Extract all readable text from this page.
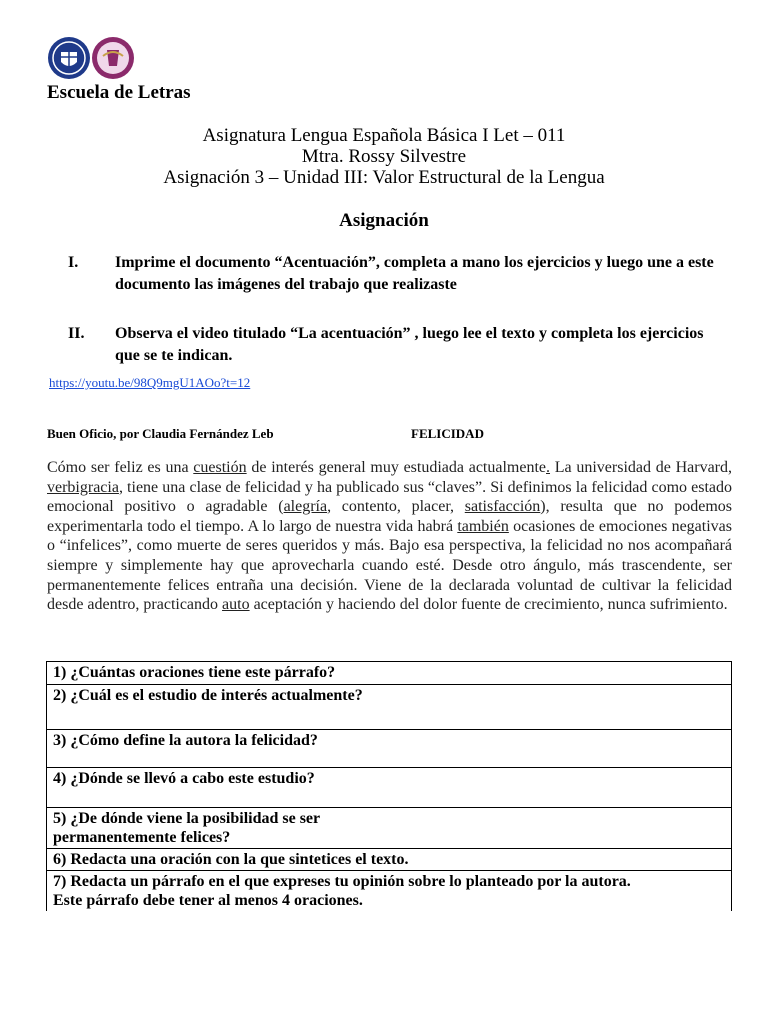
Escuela de Letras
Asignatura Lengua Española Básica I Let – 011
Mtra. Rossy Silvestre
Asignación 3 – Unidad III: Valor Estructural de la Lengua
Asignación
I. Imprime el documento “Acentuación”, completa a mano los ejercicios y luego une a este documento las imágenes del trabajo que realizaste
II. Observa el video titulado “La acentuación” , luego lee el texto y completa los ejercicios que se te indican.
https://youtu.be/98Q9mgU1AOo?t=12
Buen Oficio, por Claudia Fernández Leb	FELICIDAD
Cómo ser feliz es una cuestión de interés general muy estudiada actualmente. La universidad de Harvard, verbigracia, tiene una clase de felicidad y ha publicado sus “claves”. Si definimos la felicidad como estado emocional positivo o agradable (alegría, contento, placer, satisfacción), resulta que no podemos experimentarla todo el tiempo. A lo largo de nuestra vida habrá también ocasiones de emociones negativas o “infelices”, como muerte de seres queridos y más. Bajo esa perspectiva, la felicidad no nos acompañará siempre y simplemente hay que aprovecharla cuando esté. Desde otro ángulo, más trascendente, ser permanentemente felices entraña una decisión. Viene de la declarada voluntad de cultivar la felicidad desde adentro, practicando auto aceptación y haciendo del dolor fuente de crecimiento, nunca sufrimiento.
1) ¿Cuántas oraciones tiene este párrafo?
2) ¿Cuál es el estudio de interés actualmente?
3) ¿Cómo define la autora la felicidad?
4) ¿Dónde se llevó a cabo este estudio?
5) ¿De dónde viene la posibilidad se ser
permanentemente felices?
6) Redacta una oración con la que sintetices el texto.
7) Redacta un párrafo en el que expreses tu opinión sobre lo planteado por la autora.
Este párrafo debe tener al menos 4 oraciones.
